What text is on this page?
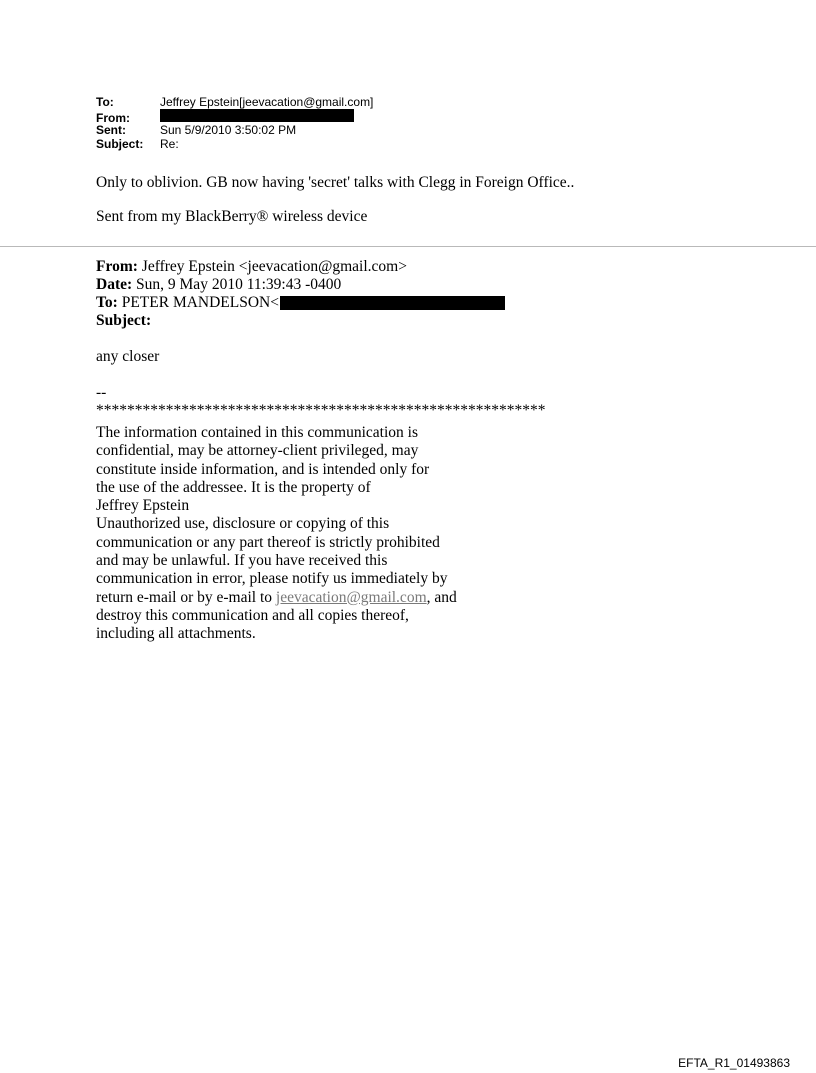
To:	Jeffrey Epstein[jeevacation@gmail.com]
From:
Sent:	Sun 5/9/2010 3:50:02 PM
Subject:	Re:
Only to oblivion. GB now having 'secret' talks with Clegg in Foreign Office..
Sent from my BlackBerry® wireless device
From: Jeffrey Epstein <jeevacation@gmail.com>
Date: Sun, 9 May 2010 11:39:43 -0400
To: PETER MANDELSON<
Subject:
any closer
--
**********************************************************
The information contained in this communication is
confidential, may be attorney-client privileged, may
constitute inside information, and is intended only for
the use of the addressee. It is the property of
Jeffrey Epstein
Unauthorized use, disclosure or copying of this
communication or any part thereof is strictly prohibited
and may be unlawful. If you have received this
communication in error, please notify us immediately by
return e-mail or by e-mail to jeevacation@gmail.com, and
destroy this communication and all copies thereof,
including all attachments.
EFTA_R1_01493863
